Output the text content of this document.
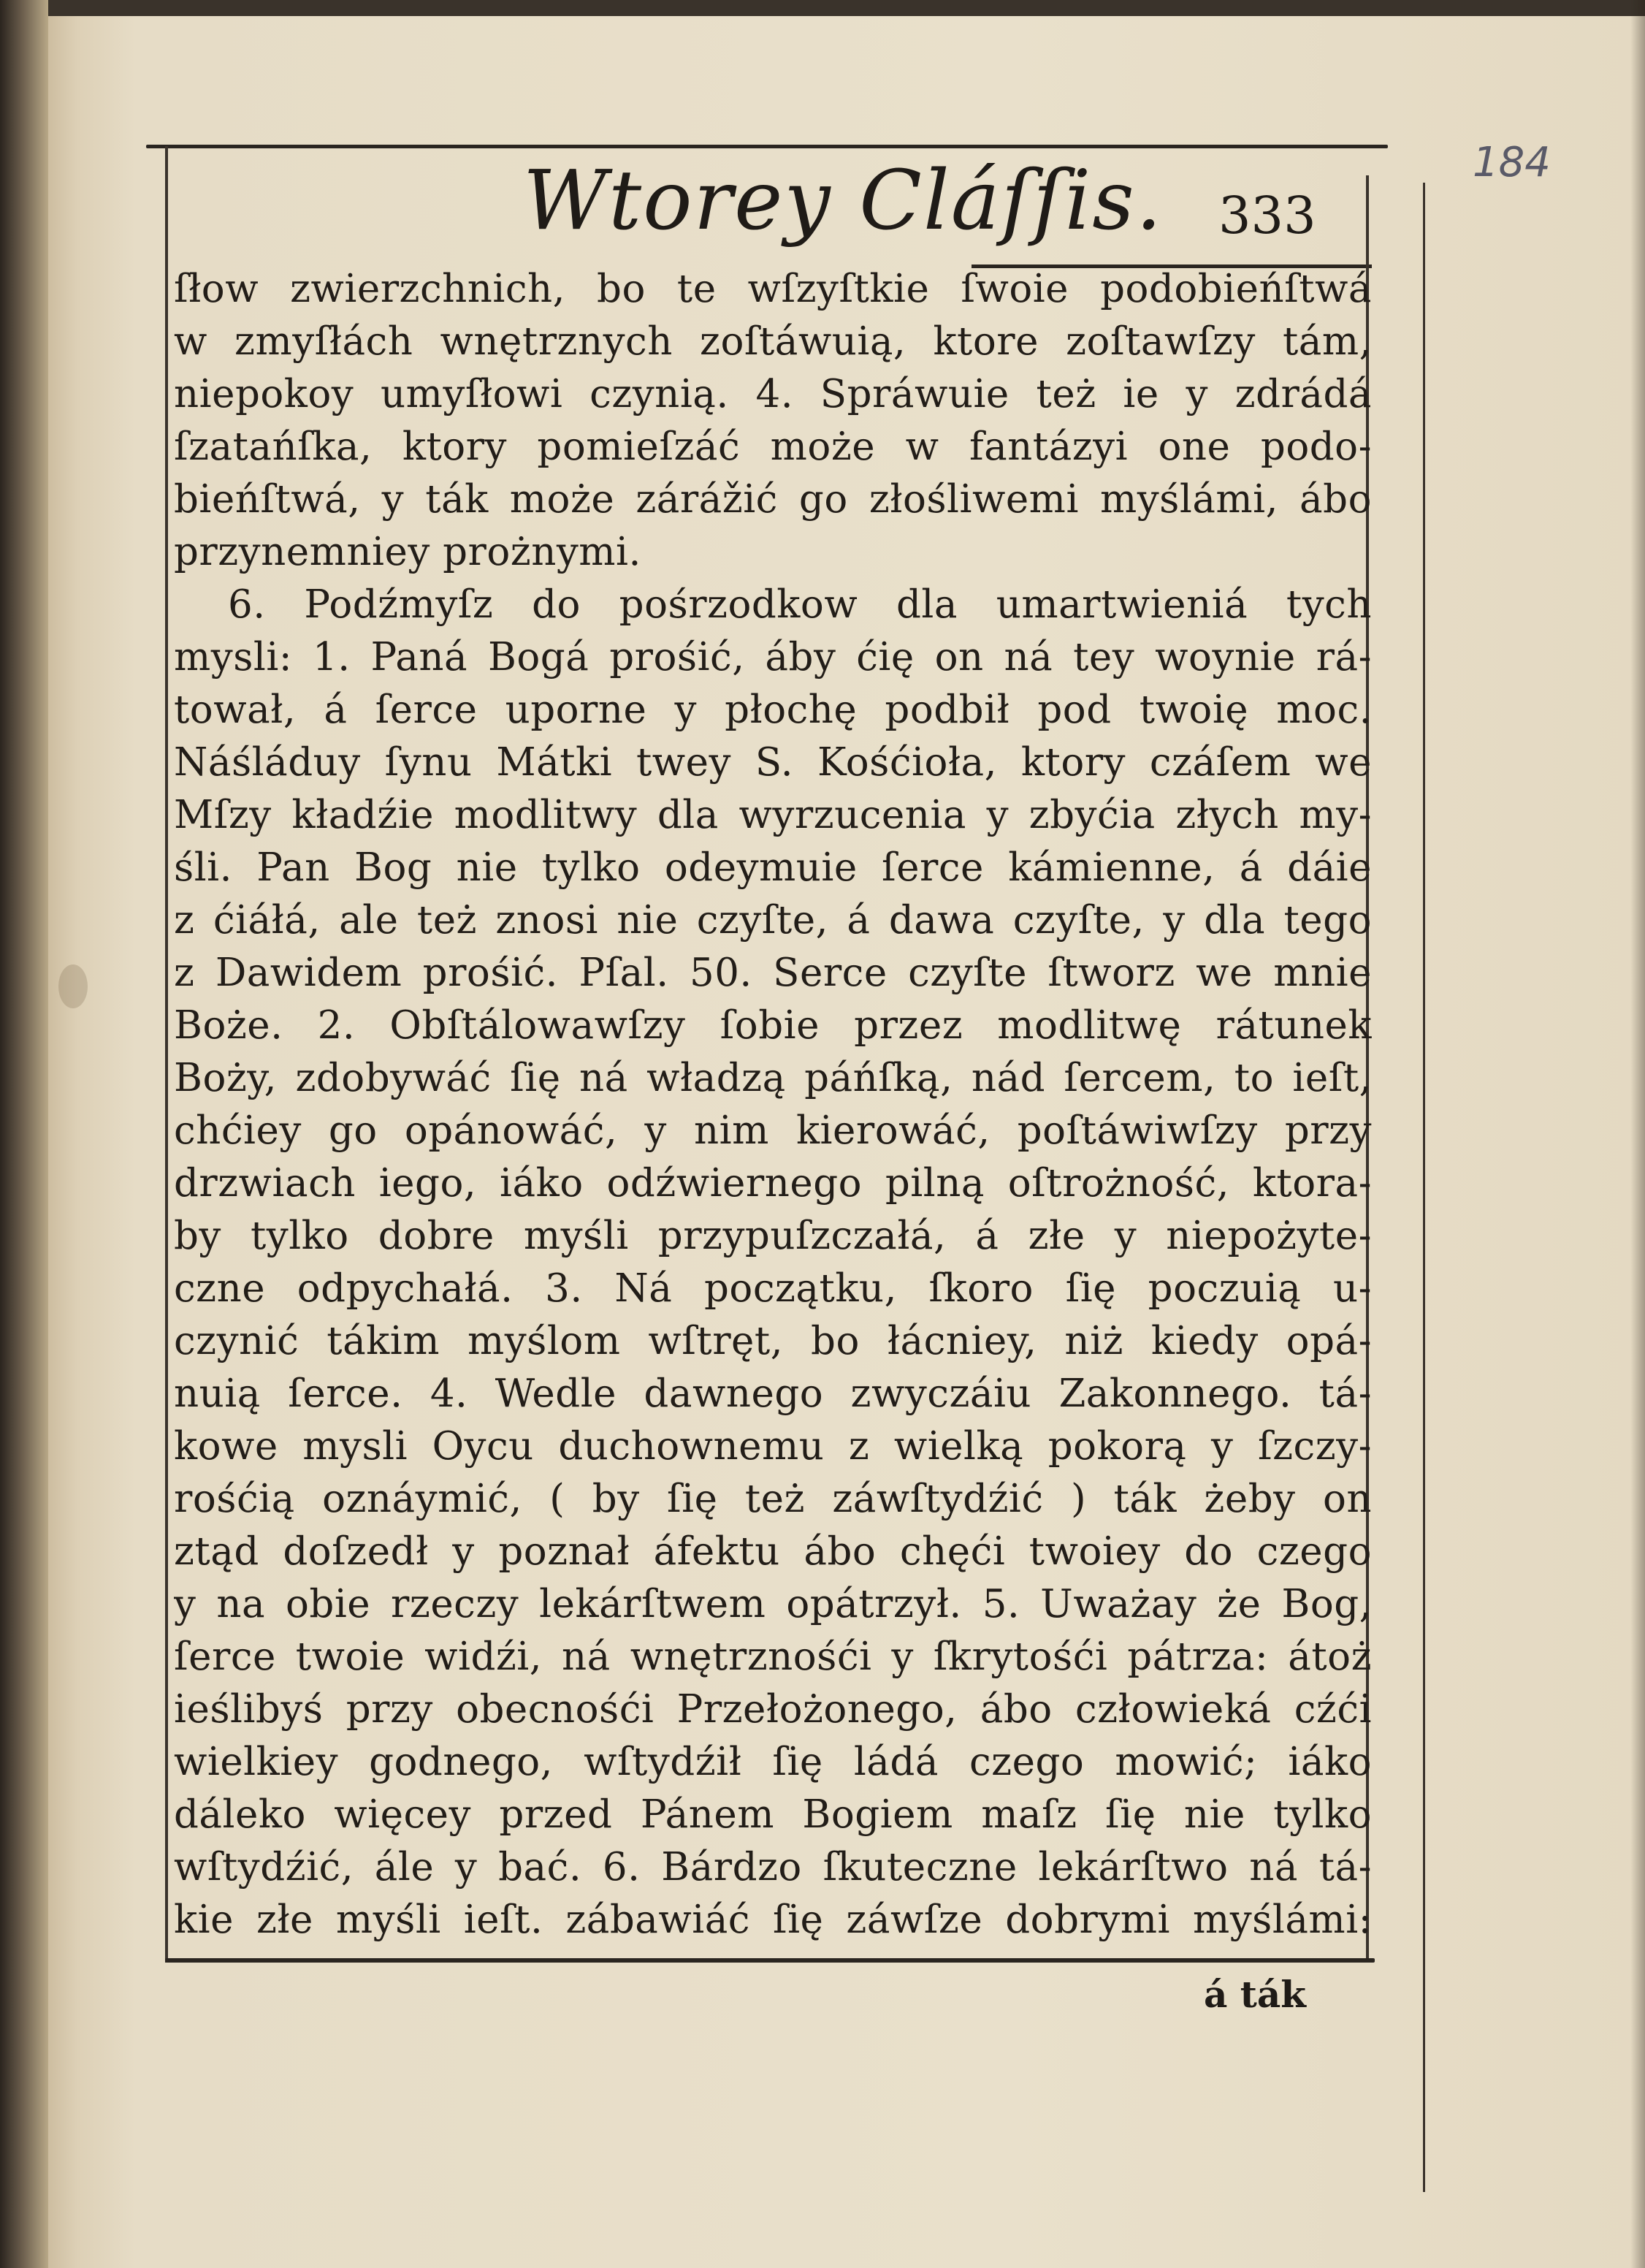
Wtorey Cláſſis. 333
184
ſłow zwierzchnich, bo te wſzyſtkie ſwoie podobieńſtwá
w zmyſłách wnętrznych zoſtáwuią, ktore zoſtawſzy tám,
niepokoy umyſłowi czynią. 4. Spráwuie też ie y zdrádá
ſzatańſka, ktory pomieſzáć może w fantázyi one podo-
bieńſtwá, y ták może zárážić go złośliwemi myślámi, ábo
przynemniey prożnymi.
6. Podźmyſz do pośrzodkow dla umartwieniá tych
mysli: 1. Paná Bogá prośić, áby ćię on ná tey woynie rá-
tował, á ſerce uporne y płochę podbił pod twoię moc.
Náśláduy ſynu Mátki twey S. Kośćioła, ktory czáſem we
Mſzy kładźie modlitwy dla wyrzucenia y zbyćia złych my-
śli. Pan Bog nie tylko odeymuie ſerce kámienne, á dáie
z ćiáłá, ale też znosi nie czyſte, á dawa czyſte, y dla tego
z Dawidem prośić. Pſal. 50. Serce czyſte ſtworz we mnie
Boże. 2. Obſtálowawſzy ſobie przez modlitwę rátunek
Boży, zdobywáć ſię ná władzą páńſką, nád ſercem, to ieſt,
chćiey go opánowáć, y nim kierowáć, poſtáwiwſzy przy
drzwiach iego, iáko odźwiernego pilną oſtrożność, ktora-
by tylko dobre myśli przypuſzczałá, á złe y niepożyte-
czne odpychałá. 3. Ná początku, ſkoro ſię poczuią u-
czynić tákim myślom wſtręt, bo łácniey, niż kiedy opá-
nuią ſerce. 4. Wedle dawnego zwyczáiu Zakonnego. tá-
kowe mysli Oycu duchownemu z wielką pokorą y ſzczy-
rośćią oznáymić, ( by ſię też záwſtydźić ) ták żeby on
ztąd doſzedł y poznał áfektu ábo chęći twoiey do czego
y na obie rzeczy lekárſtwem opátrzył. 5. Uważay że Bog,
ſerce twoie widźi, ná wnętrznośći y ſkrytośći pátrza: átoż
ieślibyś przy obecnośći Przełożonego, ábo człowieká cźći
wielkiey godnego, wſtydźił ſię ládá czego mowić; iáko
dáleko więcey przed Pánem Bogiem maſz ſię nie tylko
wſtydźić, ále y bać. 6. Bárdzo ſkuteczne lekárſtwo ná tá-
kie złe myśli ieſt. zábawiáć ſię záwſze dobrymi myślámi:
á ták
